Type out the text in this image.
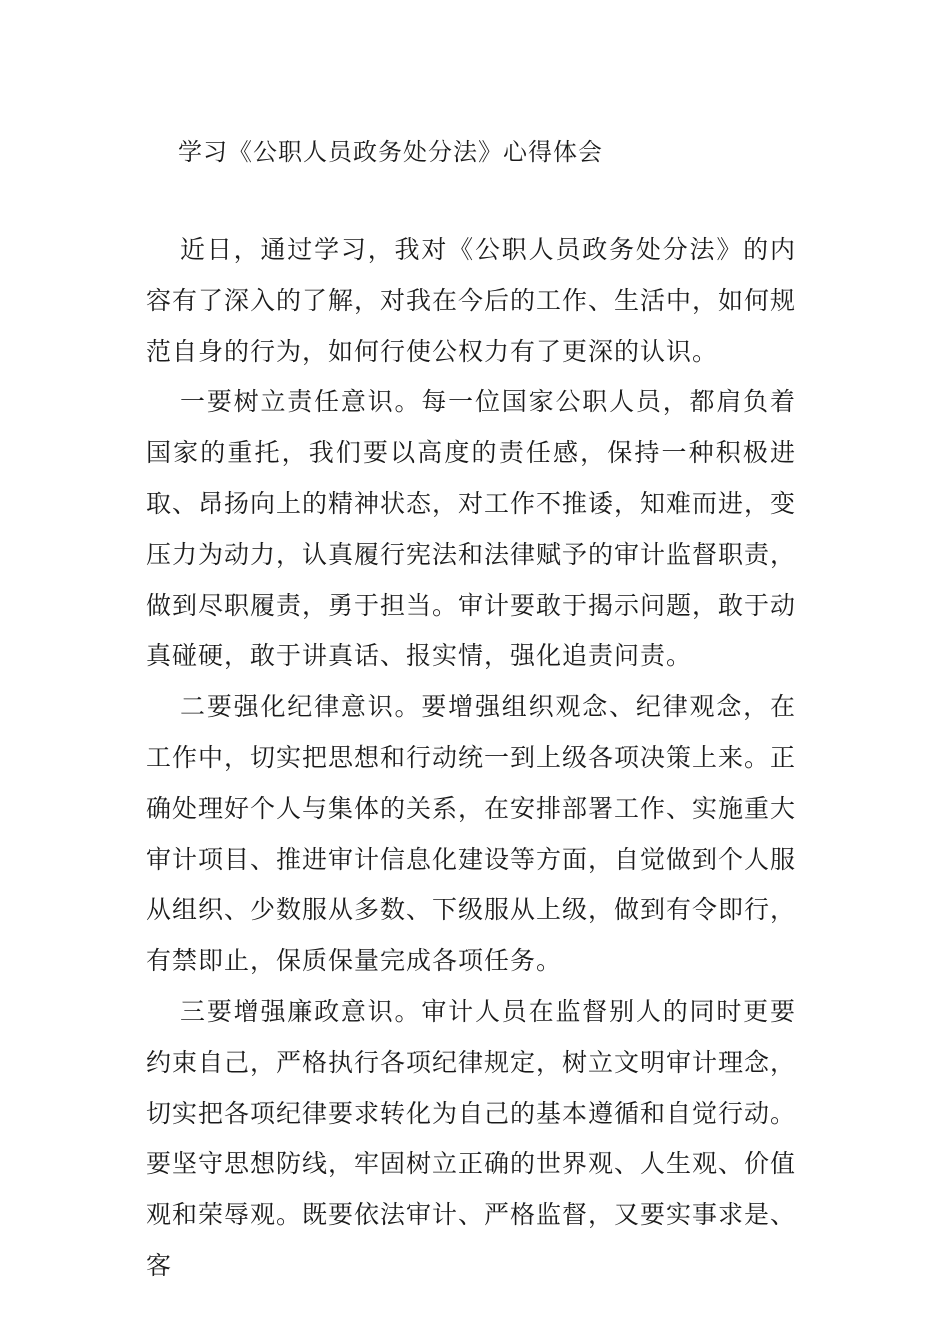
学习《公职人员政务处分法》心得体会

近日，通过学习，我对《公职人员政务处分法》的内容有了深入的了解，对我在今后的工作、生活中，如何规范自身的行为，如何行使公权力有了更深的认识。

一要树立责任意识。每一位国家公职人员，都肩负着国家的重托，我们要以高度的责任感，保持一种积极进取、昂扬向上的精神状态，对工作不推诿，知难而进，变压力为动力，认真履行宪法和法律赋予的审计监督职责，做到尽职履责，勇于担当。审计要敢于揭示问题，敢于动真碰硬，敢于讲真话、报实情，强化追责问责。

二要强化纪律意识。要增强组织观念、纪律观念，在工作中，切实把思想和行动统一到上级各项决策上来。正确处理好个人与集体的关系，在安排部署工作、实施重大审计项目、推进审计信息化建设等方面，自觉做到个人服从组织、少数服从多数、下级服从上级，做到有令即行，有禁即止，保质保量完成各项任务。

三要增强廉政意识。审计人员在监督别人的同时更要约束自己，严格执行各项纪律规定，树立文明审计理念，切实把各项纪律要求转化为自己的基本遵循和自觉行动。要坚守思想防线，牢固树立正确的世界观、人生观、价值观和荣辱观。既要依法审计、严格监督，又要实事求是、客
